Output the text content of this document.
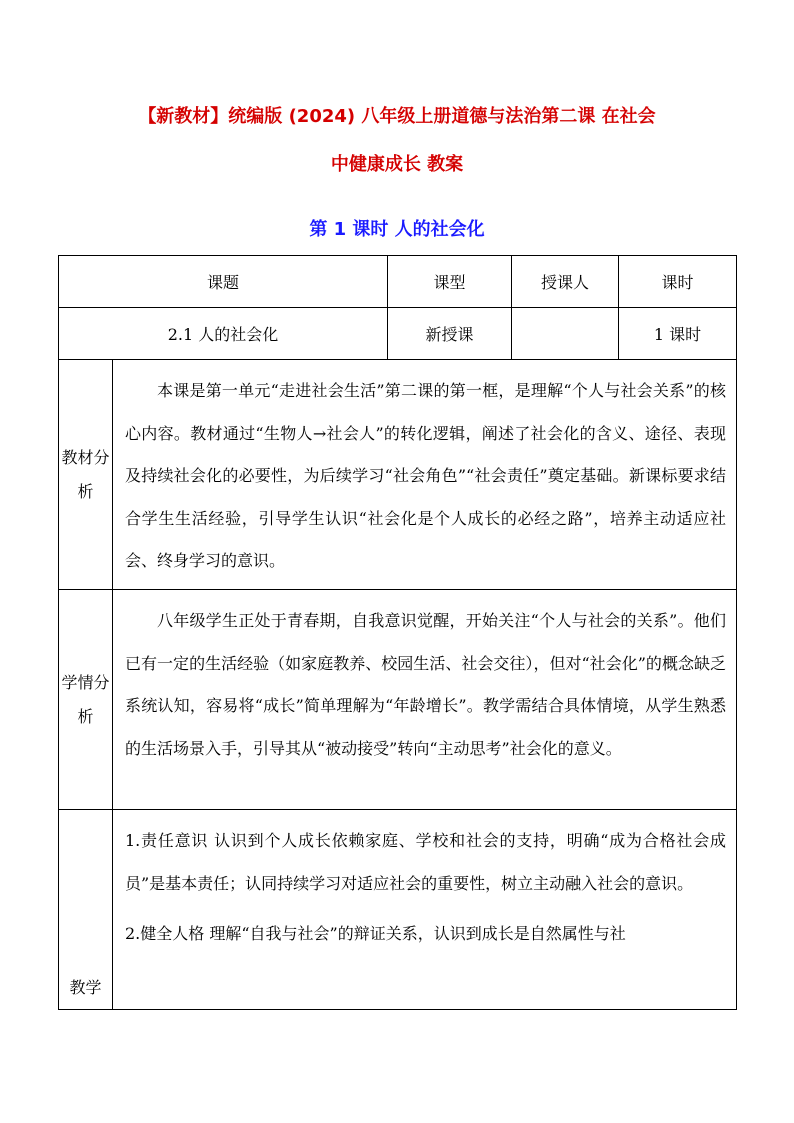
【新教材】统编版 (2024) 八年级上册道德与法治第二课 在社会
中健康成长 教案
第 1 课时 人的社会化
课题		课型	授课人	课时
2.1 人的社会化		新授课		1 课时
教材分析	本课是第一单元“走进社会生活”第二课的第一框，是理解“个人与社会关系”的核心内容。教材通过“生物人→社会人”的转化逻辑，阐述了社会化的含义、途径、表现及持续社会化的必要性，为后续学习“社会角色”“社会责任”奠定基础。新课标要求结合学生生活经验，引导学生认识“社会化是个人成长的必经之路”，培养主动适应社会、终身学习的意识。			

学情分析	八年级学生正处于青春期，自我意识觉醒，开始关注“个人与社会的关系”。他们已有一定的生活经验（如家庭教养、校园生活、社会交往），但对“社会化”的概念缺乏系统认知，容易将“成长”简单理解为“年龄增长”。教学需结合具体情境，从学生熟悉的生活场景入手，引导其从“被动接受”转向“主动思考”社会化的意义。			

教学	1.责任意识 认识到个人成长依赖家庭、学校和社会的支持，明确“成为合格社会成员”是基本责任；认同持续学习对适应社会的重要性，树立主动融入社会的意识。

2.健全人格 理解“自我与社会”的辩证关系，认识到成长是自然属性与社			
